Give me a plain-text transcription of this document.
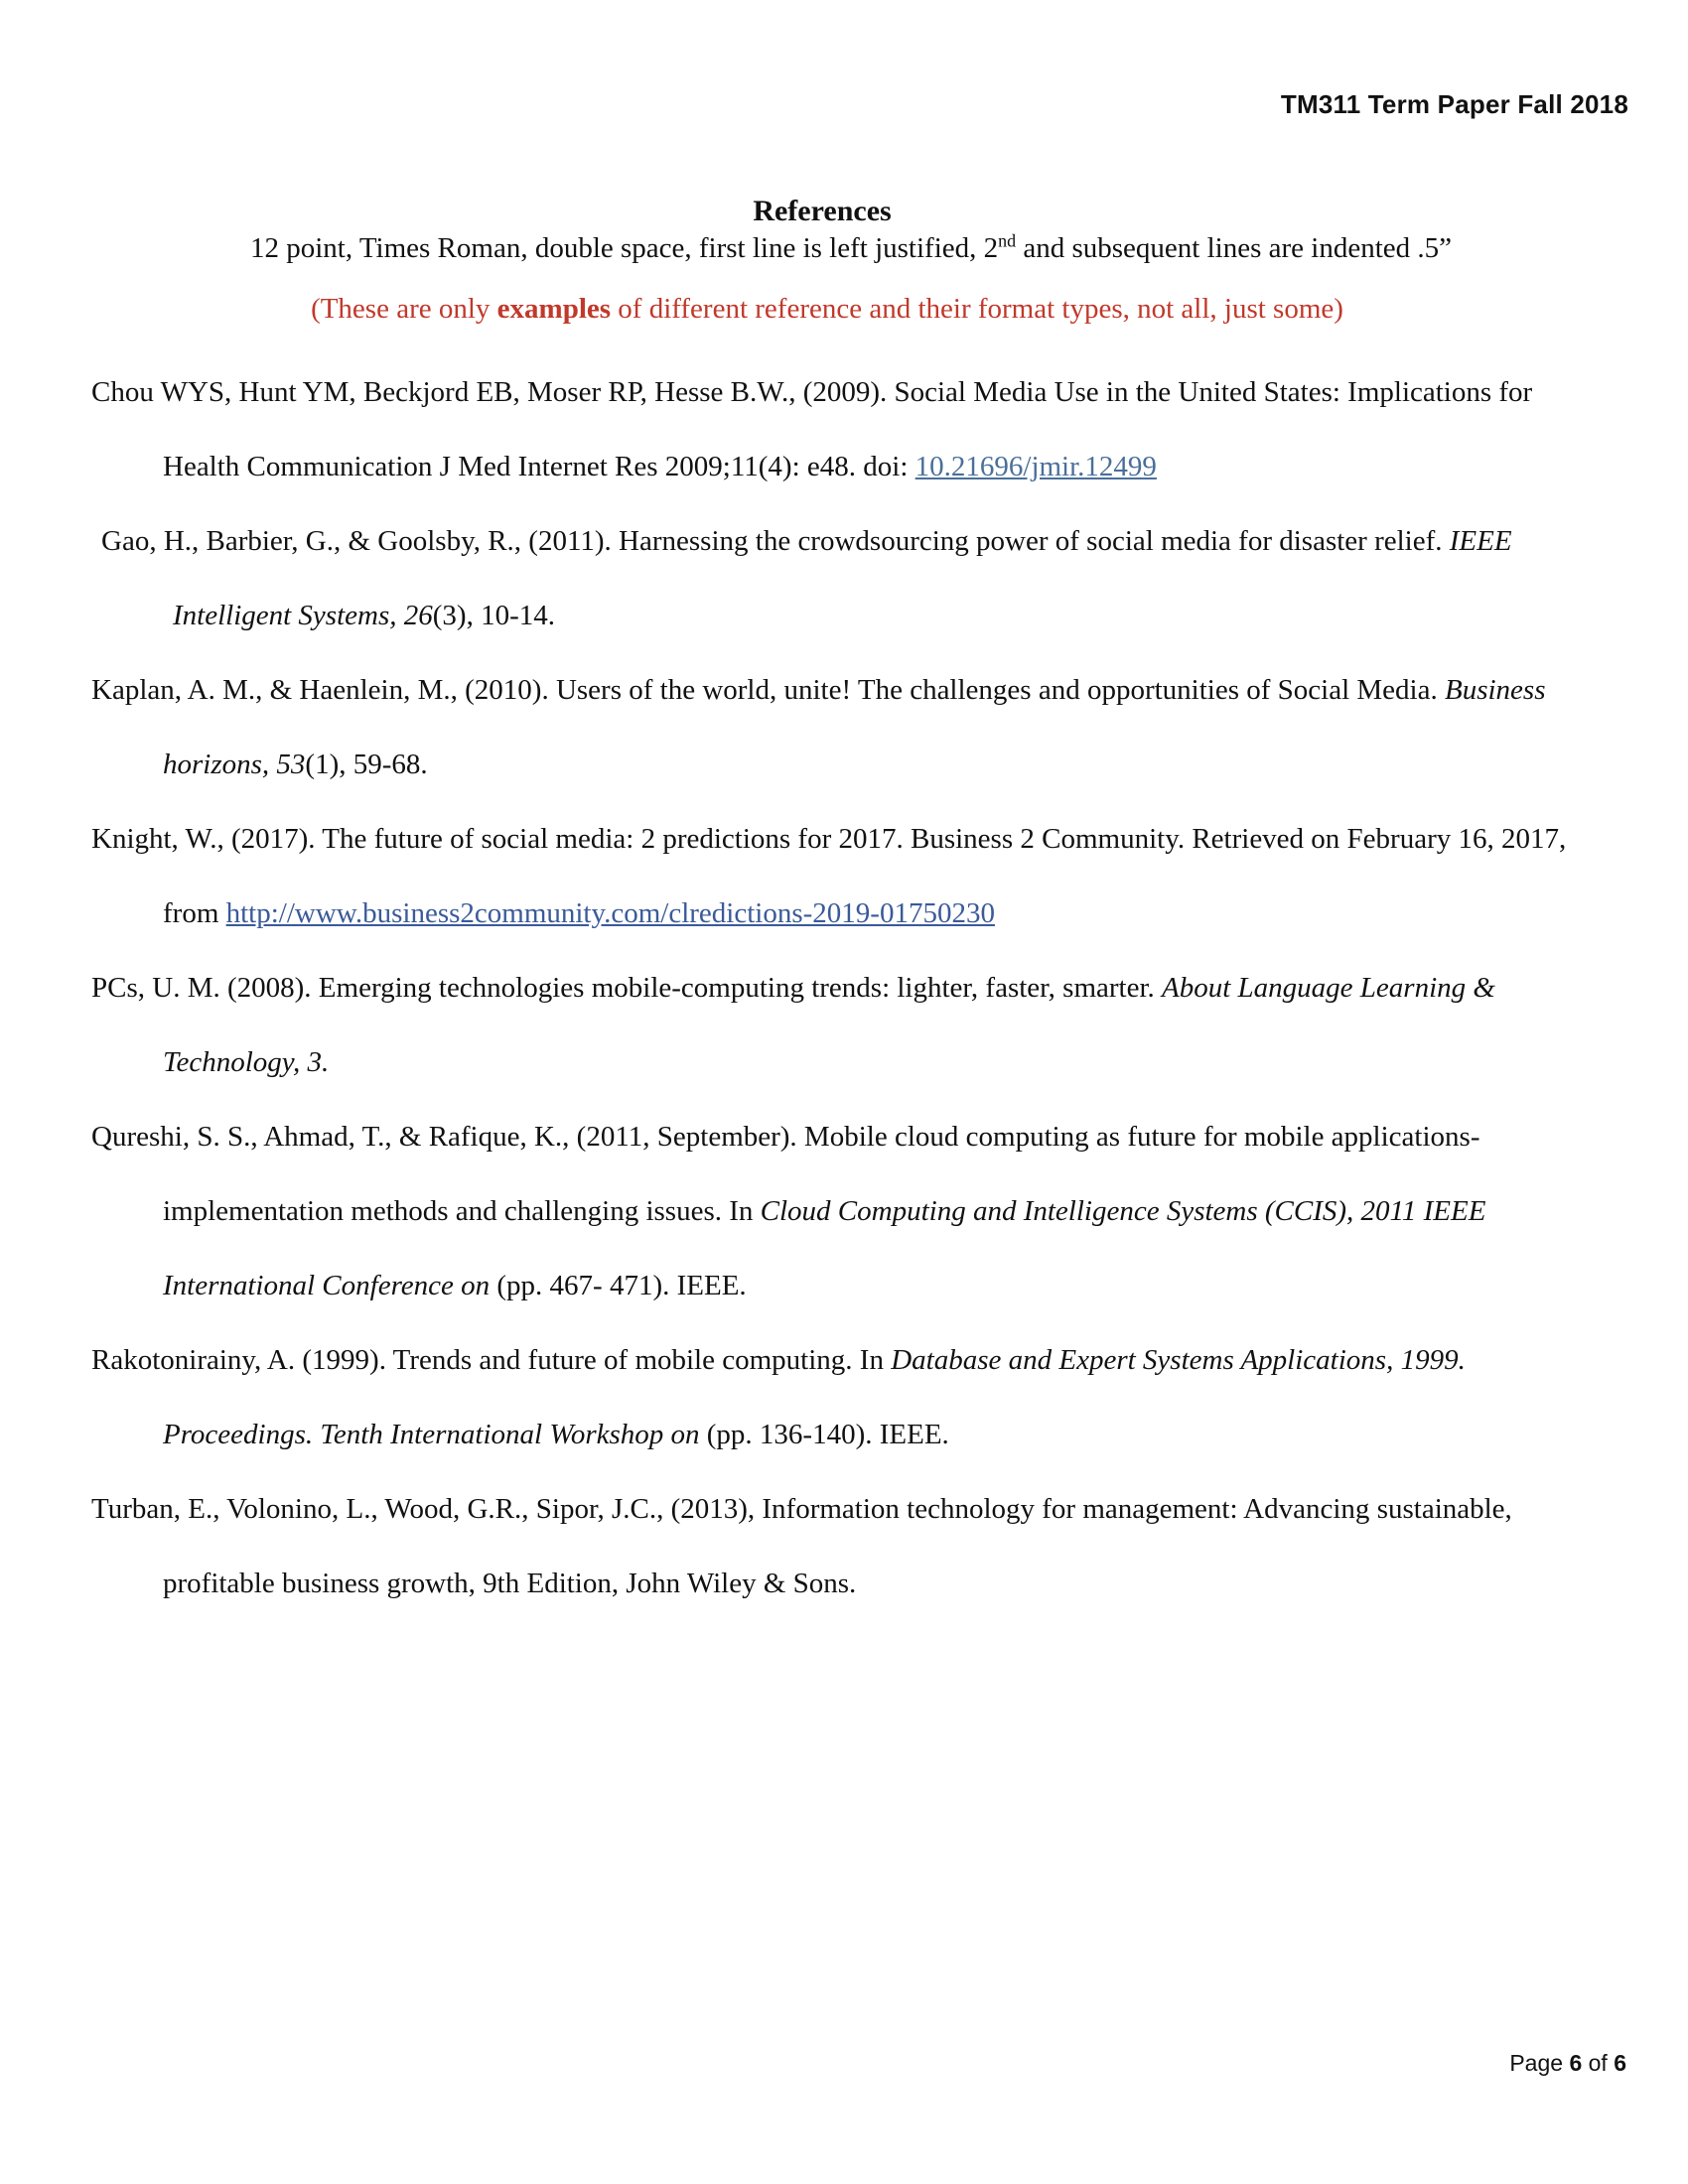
TM311 Term Paper Fall 2018
References

12 point, Times Roman, double space, first line is left justified, 2nd and subsequent lines are indented .5”

(These are only examples of different reference and their format types, not all, just some)

Chou WYS, Hunt YM, Beckjord EB, Moser RP, Hesse B.W., (2009). Social Media Use in the United States: Implications for Health Communication J Med Internet Res 2009;11(4): e48. doi: 10.21696/jmir.12499
Gao, H., Barbier, G., & Goolsby, R., (2011). Harnessing the crowdsourcing power of social media for disaster relief. IEEE Intelligent Systems, 26(3), 10-14.
Kaplan, A. M., & Haenlein, M., (2010). Users of the world, unite! The challenges and opportunities of Social Media. Business horizons, 53(1), 59-68.
Knight, W., (2017). The future of social media: 2 predictions for 2017. Business 2 Community. Retrieved on February 16, 2017, from http://www.business2community.com/clredictions-2019-01750230
PCs, U. M. (2008). Emerging technologies mobile-computing trends: lighter, faster, smarter. About Language Learning & Technology, 3.
Qureshi, S. S., Ahmad, T., & Rafique, K., (2011, September). Mobile cloud computing as future for mobile applications-implementation methods and challenging issues. In Cloud Computing and Intelligence Systems (CCIS), 2011 IEEE International Conference on (pp. 467- 471). IEEE.
Rakotonirainy, A. (1999). Trends and future of mobile computing. In Database and Expert Systems Applications, 1999. Proceedings. Tenth International Workshop on (pp. 136-140). IEEE.
Turban, E., Volonino, L., Wood, G.R., Sipor, J.C., (2013), Information technology for management: Advancing sustainable, profitable business growth, 9th Edition, John Wiley & Sons.
Page 6 of 6
